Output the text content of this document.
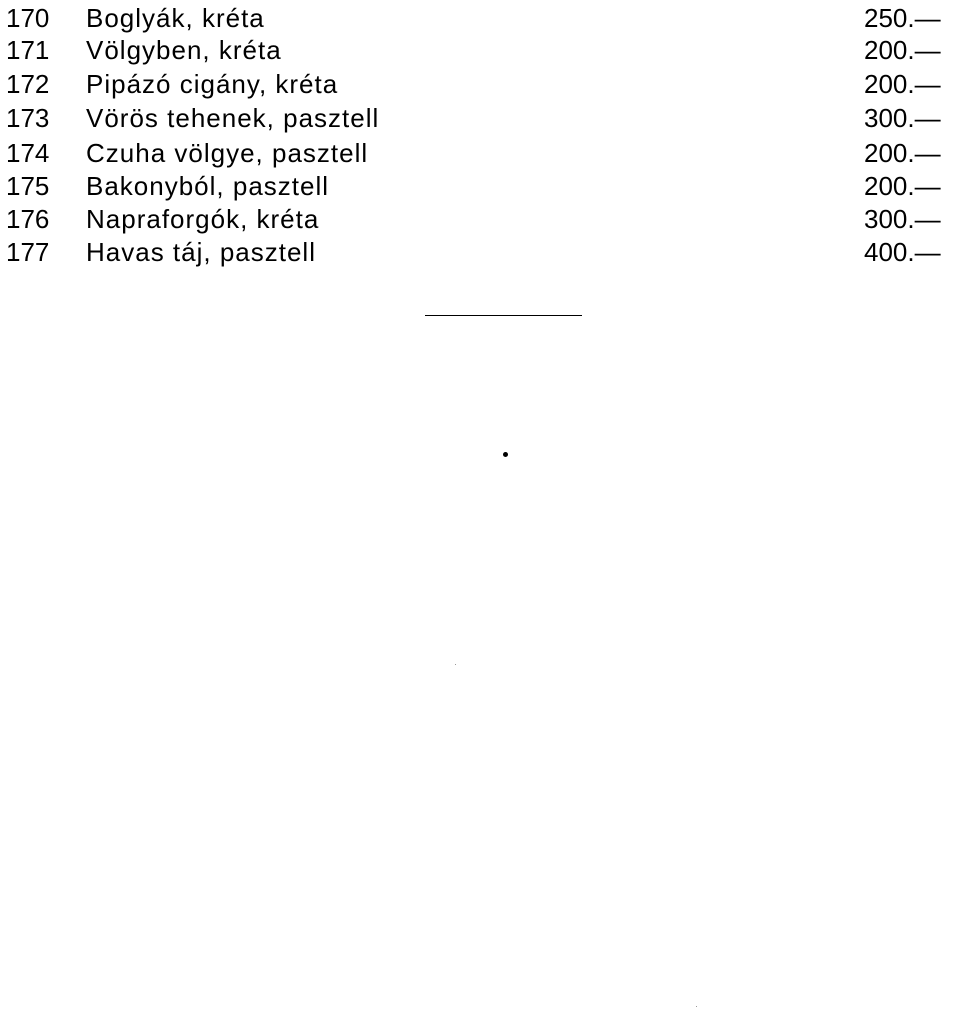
170 Boglyák, kréta	250.—
171 Völgyben, kréta	200.—
172 Pipázó cigány, kréta	200.—
173 Vörös tehenek, pasztell	300.—
174 Czuha völgye, pasztell	200.—
175 Bakonyból, pasztell	200.—
176 Napraforgók, kréta	300.—
177 Havas táj, pasztell	400.—
